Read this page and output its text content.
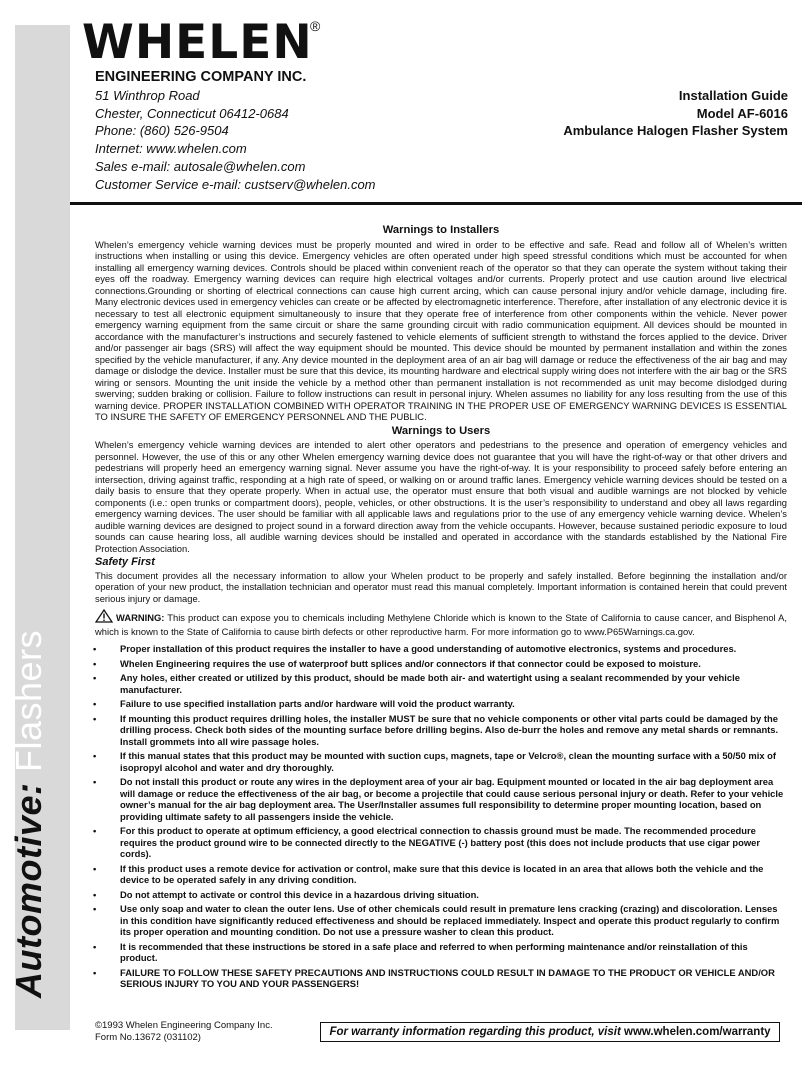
Automotive: Flashers
WHELEN
®
ENGINEERING COMPANY INC.
51 Winthrop Road
Chester, Connecticut 06412-0684
Phone: (860) 526-9504
Internet: www.whelen.com
Sales e-mail: autosale@whelen.com
Customer Service e-mail: custserv@whelen.com
Installation Guide
Model AF-6016
Ambulance Halogen Flasher System
Warnings to Installers

Whelen’s emergency vehicle warning devices must be properly mounted and wired in order to be effective and safe. Read and follow all of Whelen’s written instructions when installing or using this device. Emergency vehicles are often operated under high speed stressful conditions which must be accounted for when installing all emergency warning devices. Controls should be placed within convenient reach of the operator so that they can operate the system without taking their eyes off the roadway. Emergency warning devices can require high electrical voltages and/or currents. Properly protect and use caution around live electrical connections.Grounding or shorting of electrical connections can cause high current arcing, which can cause personal injury and/or vehicle damage, including fire. Many electronic devices used in emergency vehicles can create or be affected by electromagnetic interference. Therefore, after installation of any electronic device it is necessary to test all electronic equipment simultaneously to insure that they operate free of interference from other components within the vehicle. Never power emergency warning equipment from the same circuit or share the same grounding circuit with radio communication equipment. All devices should be mounted in accordance with the manufacturer’s instructions and securely fastened to vehicle elements of sufficient strength to withstand the forces applied to the device. Driver and/or passenger air bags (SRS) will affect the way equipment should be mounted. This device should be mounted by permanent installation and within the zones specified by the vehicle manufacturer, if any. Any device mounted in the deployment area of an air bag will damage or reduce the effectiveness of the air bag and may damage or dislodge the device. Installer must be sure that this device, its mounting hardware and electrical supply wiring does not interfere with the air bag or the SRS wiring or sensors. Mounting the unit inside the vehicle by a method other than permanent installation is not recommended as unit may become dislodged during swerving; sudden braking or collision. Failure to follow instructions can result in personal injury. Whelen assumes no liability for any loss resulting from the use of this warning device. PROPER INSTALLATION COMBINED WITH OPERATOR TRAINING IN THE PROPER USE OF EMERGENCY WARNING DEVICES IS ESSENTIAL TO INSURE THE SAFETY OF EMERGENCY PERSONNEL AND THE PUBLIC.

Warnings to Users

Whelen’s emergency vehicle warning devices are intended to alert other operators and pedestrians to the presence and operation of emergency vehicles and personnel. However, the use of this or any other Whelen emergency warning device does not guarantee that you will have the right-of-way or that other drivers and pedestrians will properly heed an emergency warning signal. Never assume you have the right-of-way. It is your responsibility to proceed safely before entering an intersection, driving against traffic, responding at a high rate of speed, or walking on or around traffic lanes. Emergency vehicle warning devices should be tested on a daily basis to ensure that they operate properly. When in actual use, the operator must ensure that both visual and audible warnings are not blocked by vehicle components (i.e.: open trunks or compartment doors), people, vehicles, or other obstructions. It is the user’s responsibility to understand and obey all laws regarding emergency warning devices. The user should be familiar with all applicable laws and regulations prior to the use of any emergency vehicle warning device. Whelen’s audible warning devices are designed to project sound in a forward direction away from the vehicle occupants. However, because sustained periodic exposure to loud sounds can cause hearing loss, all audible warning devices should be installed and operated in accordance with the standards established by the National Fire Protection Association.

Safety First

This document provides all the necessary information to allow your Whelen product to be properly and safely installed. Before beginning the installation and/or operation of your new product, the installation technician and operator must read this manual completely. Important information is contained herein that could prevent serious injury or damage.

WARNING: This product can expose you to chemicals including Methylene Chloride which is known to the State of California to cause cancer, and Bisphenol A, which is known to the State of California to cause birth defects or other reproductive harm. For more information go to www.P65Warnings.ca.gov.

• Proper installation of this product requires the installer to have a good understanding of automotive electronics, systems and procedures.
• Whelen Engineering requires the use of waterproof butt splices and/or connectors if that connector could be exposed to moisture.
• Any holes, either created or utilized by this product, should be made both air- and watertight using a sealant recommended by your vehicle manufacturer.
• Failure to use specified installation parts and/or hardware will void the product warranty.
• If mounting this product requires drilling holes, the installer MUST be sure that no vehicle components or other vital parts could be damaged by the drilling process. Check both sides of the mounting surface before drilling begins. Also de-burr the holes and remove any metal shards or remnants. Install grommets into all wire passage holes.
• If this manual states that this product may be mounted with suction cups, magnets, tape or Velcro®, clean the mounting surface with a 50/50 mix of isopropyl alcohol and water and dry thoroughly.
• Do not install this product or route any wires in the deployment area of your air bag. Equipment mounted or located in the air bag deployment area will damage or reduce the effectiveness of the air bag, or become a projectile that could cause serious personal injury or death. Refer to your vehicle owner’s manual for the air bag deployment area. The User/Installer assumes full responsibility to determine proper mounting location, based on providing ultimate safety to all passengers inside the vehicle.
• For this product to operate at optimum efficiency, a good electrical connection to chassis ground must be made. The recommended procedure requires the product ground wire to be connected directly to the NEGATIVE (-) battery post (this does not include products that use cigar power cords).
• If this product uses a remote device for activation or control, make sure that this device is located in an area that allows both the vehicle and the device to be operated safely in any driving condition.
• Do not attempt to activate or control this device in a hazardous driving situation.
• Use only soap and water to clean the outer lens. Use of other chemicals could result in premature lens cracking (crazing) and discoloration. Lenses in this condition have significantly reduced effectiveness and should be replaced immediately. Inspect and operate this product regularly to confirm its proper operation and mounting condition. Do not use a pressure washer to clean this product.
• It is recommended that these instructions be stored in a safe place and referred to when performing maintenance and/or reinstallation of this product.
• FAILURE TO FOLLOW THESE SAFETY PRECAUTIONS AND INSTRUCTIONS COULD RESULT IN DAMAGE TO THE PRODUCT OR VEHICLE AND/OR SERIOUS INJURY TO YOU AND YOUR PASSENGERS!
©1993 Whelen Engineering Company Inc.
Form No.13672 (031102)	For warranty information regarding this product, visit www.whelen.com/warranty
